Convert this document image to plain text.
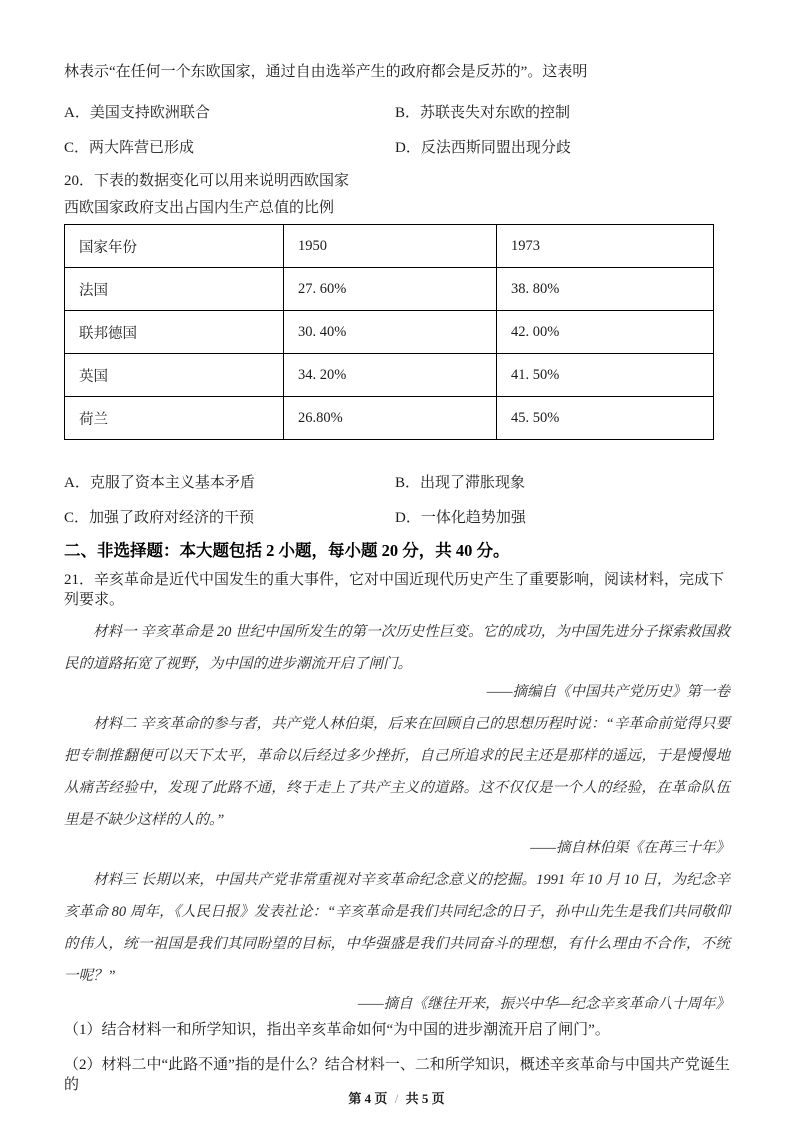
林表示“在任何一个东欧国家，通过自由选举产生的政府都会是反苏的”。这表明
A．美国支持欧洲联合	B．苏联丧失对东欧的控制
C．两大阵营已形成	D．反法西斯同盟出现分歧
20．下表的数据变化可以用来说明西欧国家
西欧国家政府支出占国内生产总值的比例
国家年份	1950	1973
法国	27. 60%	38. 80%
联邦德国	30. 40%	42. 00%
英国	34. 20%	41. 50%
荷兰	26.80%	45. 50%
A．克服了资本主义基本矛盾	B．出现了滞胀现象
C．加强了政府对经济的干预	D．一体化趋势加强
二、非选择题：本大题包括 2 小题，每小题 20 分，共 40 分。
21．辛亥革命是近代中国发生的重大事件，它对中国近现代历史产生了重要影响，阅读材料，完成下列要求。
材料一 辛亥革命是 20 世纪中国所发生的第一次历史性巨变。它的成功，为中国先进分子探索救国救民的道路拓宽了视野，为中国的进步潮流开启了闸门。
——摘编自《中国共产党历史》第一卷
材料二 辛亥革命的参与者，共产党人林伯渠，后来在回顾自己的思想历程时说：“辛革命前觉得只要把专制推翻便可以天下太平，革命以后经过多少挫折，自己所追求的民主还是那样的遥远，于是慢慢地从痛苦经验中，发现了此路不通，终于走上了共产主义的道路。这不仅仅是一个人的经验，在革命队伍里是不缺少这样的人的。”
——摘自林伯渠《在苒三十年》
材料三 长期以来，中国共产党非常重视对辛亥革命纪念意义的挖掘。1991 年 10 月 10 日，为纪念辛亥革命 80 周年，《人民日报》发表社论：“辛亥革命是我们共同纪念的日子，孙中山先生是我们共同敬仰的伟人，统一祖国是我们其同盼望的目标，中华强盛是我们共同奋斗的理想，有什么理由不合作，不统一呢？”
——摘自《继往开来，振兴中华—纪念辛亥革命八十周年》
（1）结合材料一和所学知识，指出辛亥革命如何“为中国的进步潮流开启了闸门”。
（2）材料二中“此路不通”指的是什么？结合材料一、二和所学知识，概述辛亥革命与中国共产党诞生的
第 4 页 / 共 5 页
